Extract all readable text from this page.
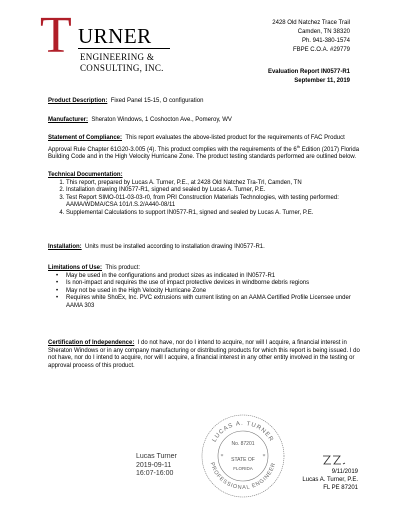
T URNER
ENGINEERING &
CONSULTING, INC.
2428 Old Natchez Trace Trail
Camden, TN 38320
Ph. 941-380-1574
FBPE C.O.A. #29779
Evaluation Report IN0577-R1
September 11, 2019

Product Description: Fixed Panel 15-15, O configuration

Manufacturer: Sheraton Windows, 1 Coshocton Ave., Pomeroy, WV

Statement of Compliance: This report evaluates the above-listed product for the requirements of FAC Product Approval Rule Chapter 61G20-3.005 (4). This product complies with the requirements of the 6th Edition (2017) Florida Building Code and in the High Velocity Hurricane Zone. The product testing standards performed are outlined below.

Technical Documentation:

1. This report, prepared by Lucas A. Turner, P.E., at 2428 Old Natchez Tra-Trl, Camden, TN
2. Installation drawing IN0577-R1, signed and sealed by Lucas A. Turner, P.E.
3. Test Report SIMO-011-03-03-r0, from PRI Construction Materials Technologies, with testing performed: AAMA/WDMA/CSA 101/I.S.2/A440-08/11
4. Supplemental Calculations to support IN0577-R1, signed and sealed by Lucas A. Turner, P.E.

Installation: Units must be installed according to installation drawing IN0577-R1.

Limitations of Use: This product:

• May be used in the configurations and product sizes as indicated in IN0577-R1
• Is non-impact and requires the use of impact protective devices in windborne debris regions
• May not be used in the High Velocity Hurricane Zone
• Requires white ShoEx, Inc. PVC extrusions with current listing on an AAMA Certified Profile Licensee under AAMA 303

Certification of Independence: I do not have, nor do I intend to acquire, nor will I acquire, a financial interest in Sheraton Windows or in any company manufacturing or distributing products for which this report is being issued. I do not have, nor do I intend to acquire, nor will I acquire, a financial interest in any other entity involved in the testing or approval process of this product.

Lucas Turner
2019-09-11
16:07-16:00
LUCAS A. TURNER
PROFESSIONAL ENGINEER
No. 87201
STATE OF
FLORIDA
*	*
9/11/2019
Lucas A. Turner, P.E.
FL PE 87201
